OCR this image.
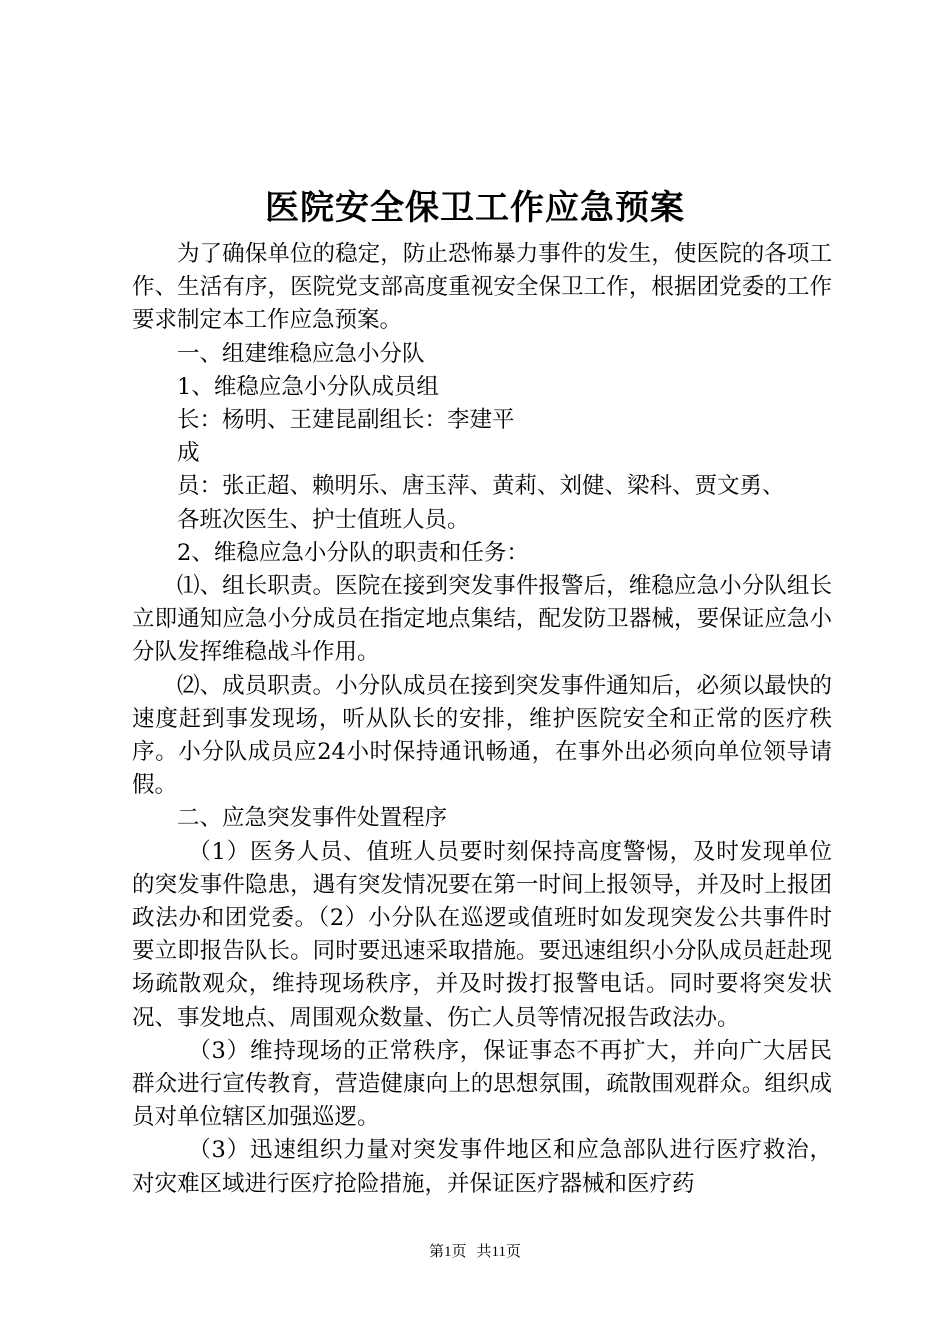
医院安全保卫工作应急预案

为了确保单位的稳定，防止恐怖暴力事件的发生，使医院的各项工作、生活有序，医院党支部高度重视安全保卫工作，根据团党委的工作要求制定本工作应急预案。

一、组建维稳应急小分队

1、维稳应急小分队成员组

长：杨明、王建昆副组长：李建平

成

员：张正超、赖明乐、唐玉萍、黄莉、刘健、梁科、贾文勇、

各班次医生、护士值班人员。

2、维稳应急小分队的职责和任务：

⑴、组长职责。医院在接到突发事件报警后，维稳应急小分队组长立即通知应急小分成员在指定地点集结，配发防卫器械，要保证应急小分队发挥维稳战斗作用。

⑵、成员职责。小分队成员在接到突发事件通知后，必须以最快的速度赶到事发现场，听从队长的安排，维护医院安全和正常的医疗秩序。小分队成员应24小时保持通讯畅通，在事外出必须向单位领导请假。

二、应急突发事件处置程序

（1）医务人员、值班人员要时刻保持高度警惕，及时发现单位的突发事件隐患，遇有突发情况要在第一时间上报领导，并及时上报团政法办和团党委。（2）小分队在巡逻或值班时如发现突发公共事件时要立即报告队长。同时要迅速采取措施。要迅速组织小分队成员赶赴现场疏散观众，维持现场秩序，并及时拨打报警电话。同时要将突发状况、事发地点、周围观众数量、伤亡人员等情况报告政法办。

（3）维持现场的正常秩序，保证事态不再扩大，并向广大居民群众进行宣传教育，营造健康向上的思想氛围，疏散围观群众。组织成员对单位辖区加强巡逻。

（3）迅速组织力量对突发事件地区和应急部队进行医疗救治，对灾难区域进行医疗抢险措施，并保证医疗器械和医疗药

第1页 共11页
